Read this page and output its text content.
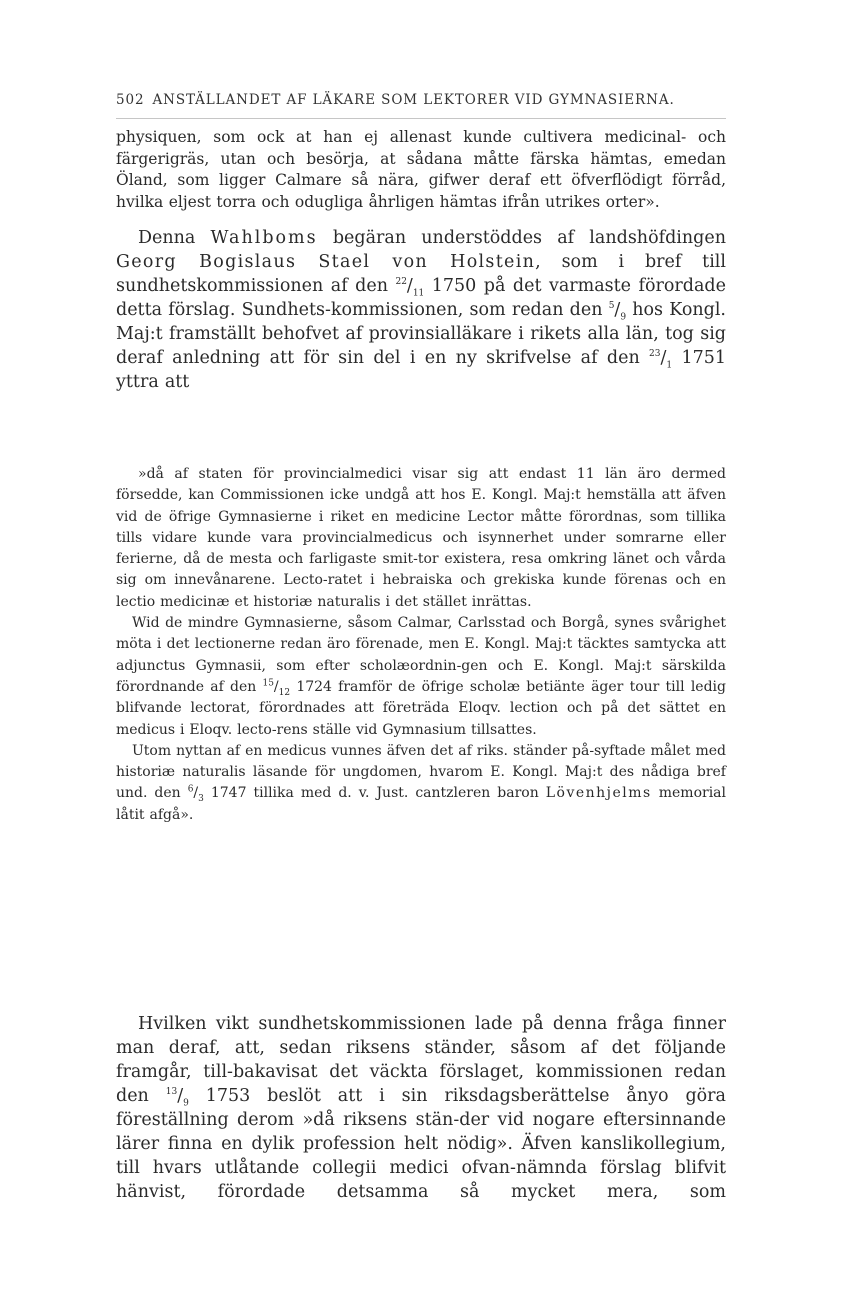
502 ANSTÄLLANDET AF LÄKARE SOM LEKTORER VID GYMNASIERNA.

physiquen, som ock at han ej allenast kunde cultivera medicinal- och färgerigräs, utan och besörja, at sådana måtte färska hämtas, emedan Öland, som ligger Calmare så nära, gifwer deraf ett öfverflödigt förråd, hvilka eljest torra och odugliga åhrligen hämtas ifrån utrikes orter».

Denna Wahlboms begäran understöddes af landshöfdingen Georg Bogislaus Stael von Holstein, som i bref till sundhetskommissionen af den $^{22}/_{11}$ 1750 på det varmaste förordade detta förslag. Sundhets-kommissionen, som redan den $^5/_9$ hos Kongl. Maj:t framställt behofvet af provinsialläkare i rikets alla län, tog sig deraf anledning att för sin del i en ny skrifvelse af den $^{23}/_1$ 1751 yttra att

»då af staten för provincialmedici visar sig att endast 11 län äro dermed försedde, kan Commissionen icke undgå att hos E. Kongl. Maj:t hemställa att äfven vid de öfrige Gymnasierne i riket en medicine Lector måtte förordnas, som tillika tills vidare kunde vara provincialmedicus och isynnerhet under somrarne eller ferierne, då de mesta och farligaste smit-tor existera, resa omkring länet och vårda sig om innevånarene. Lecto-ratet i hebraiska och grekiska kunde förenas och en lectio medicinæ et historiæ naturalis i det stället inrättas.

Wid de mindre Gymnasierne, såsom Calmar, Carlsstad och Borgå, synes svårighet möta i det lectionerne redan äro förenade, men E. Kongl. Maj:t täcktes samtycka att adjunctus Gymnasii, som efter scholæordnin-gen och E. Kongl. Maj:t särskilda förordnande af den $^{15}/_{12}$ 1724 framför de öfrige scholæ betiänte äger tour till ledig blifvande lectorat, förordnades att företräda Eloqv. lection och på det sättet en medicus i Eloqv. lecto-rens ställe vid Gymnasium tillsattes.

Utom nyttan af en medicus vunnes äfven det af riks. ständer på-syftade målet med historiæ naturalis läsande för ungdomen, hvarom E. Kongl. Maj:t des nådiga bref und. den $^6/_3$ 1747 tillika med d. v. Just. cantzleren baron Lövenhjelms memorial låtit afgå».

Hvilken vikt sundhetskommissionen lade på denna fråga finner man deraf, att, sedan riksens ständer, såsom af det följande framgår, till-bakavisat det väckta förslaget, kommissionen redan den $^{13}/_9$ 1753 beslöt att i sin riksdagsberättelse ånyo göra föreställning derom »då riksens stän-der vid nogare eftersinnande lärer finna en dylik profession helt nödig». Äfven kanslikollegium, till hvars utlåtande collegii medici ofvan-nämnda förslag blifvit hänvist, förordade detsamma så mycket mera, som
